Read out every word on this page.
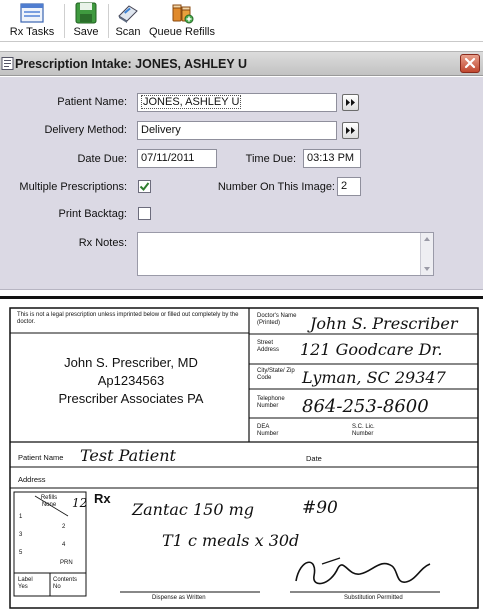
Rx Tasks	Save	Scan Queue Refills
Prescription Intake: JONES, ASHLEY U
Patient Name:	JONES, ASHLEY U
Delivery Method:	Delivery
Date Due:	07/11/2011	Time Due:	03:13 PM
Multiple Prescriptions:	Number On This Image: 2
Print Backtag:
Rx Notes:
This is not a legal prescription unless imprinted below or filled out completely by the doctor.
John S. Prescriber, MD
Ap1234563
Prescriber Associates PA
Doctor's Name (Printed)	John S. Prescriber
Street Address	121 Goodcare Dr.
City/State/ Zip Code	Lyman, SC 29347
Telephone Number	864-253-8600
DEA Number
S.C. Lic. Number
Patient Name Test Patient	Date
Address
Refills None
1
2
3
4
5
PRN
Label Yes
Contents No
Rx
12	Zantac 150 mg	#90
T1 c meals x 30d
Dispense as Written	Substitution Permitted
